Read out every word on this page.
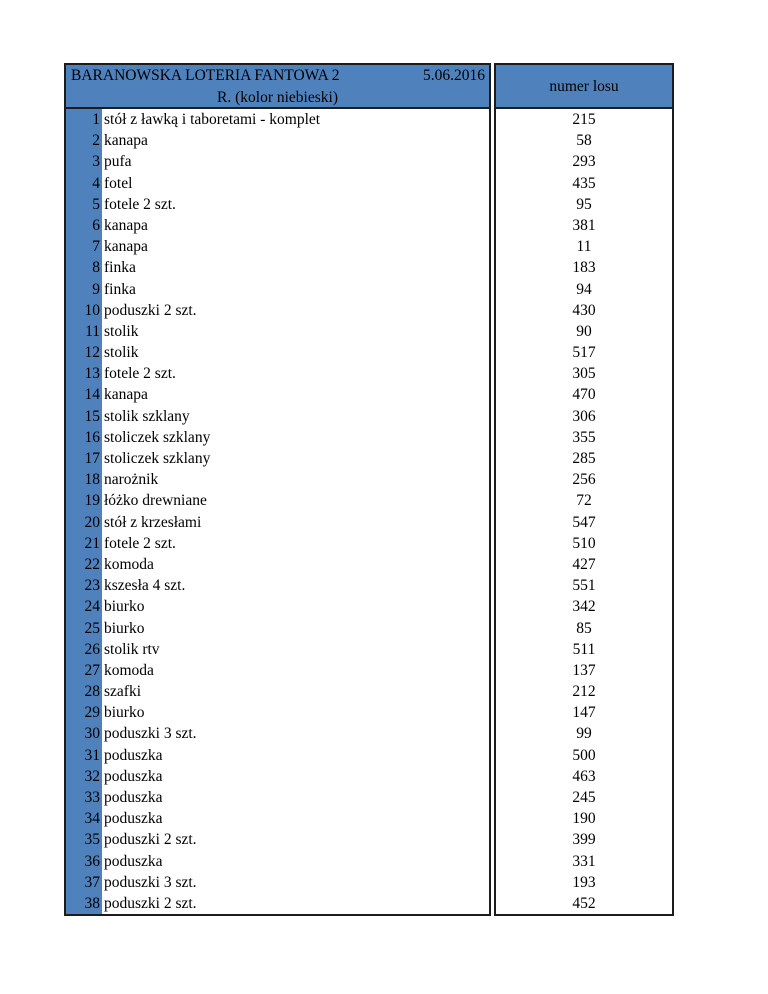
BARANOWSKA LOTERIA FANTOWA 2	5.06.2016
R. (kolor niebieski)
numer losu
1 stół z ławką i taboretami - komplet
2 kanapa
3 pufa
4 fotel
5 fotele 2 szt.
6 kanapa
7 kanapa
8 finka
9 finka
10 poduszki 2 szt.
11 stolik
12 stolik
13 fotele 2 szt.
14 kanapa
15 stolik szklany
16 stoliczek szklany
17 stoliczek szklany
18 narożnik
19 łóżko drewniane
20 stół z krzesłami
21 fotele 2 szt.
22 komoda
23 kszesła 4 szt.
24 biurko
25 biurko
26 stolik rtv
27 komoda
28 szafki
29 biurko
30 poduszki 3 szt.
31 poduszka
32 poduszka
33 poduszka
34 poduszka
35 poduszki 2 szt.
36 poduszka
37 poduszki 3 szt.
38 poduszki 2 szt.
215
58
293
435
95
381
11
183
94
430
90
517
305
470
306
355
285
256
72
547
510
427
551
342
85
511
137
212
147
99
500
463
245
190
399
331
193
452
